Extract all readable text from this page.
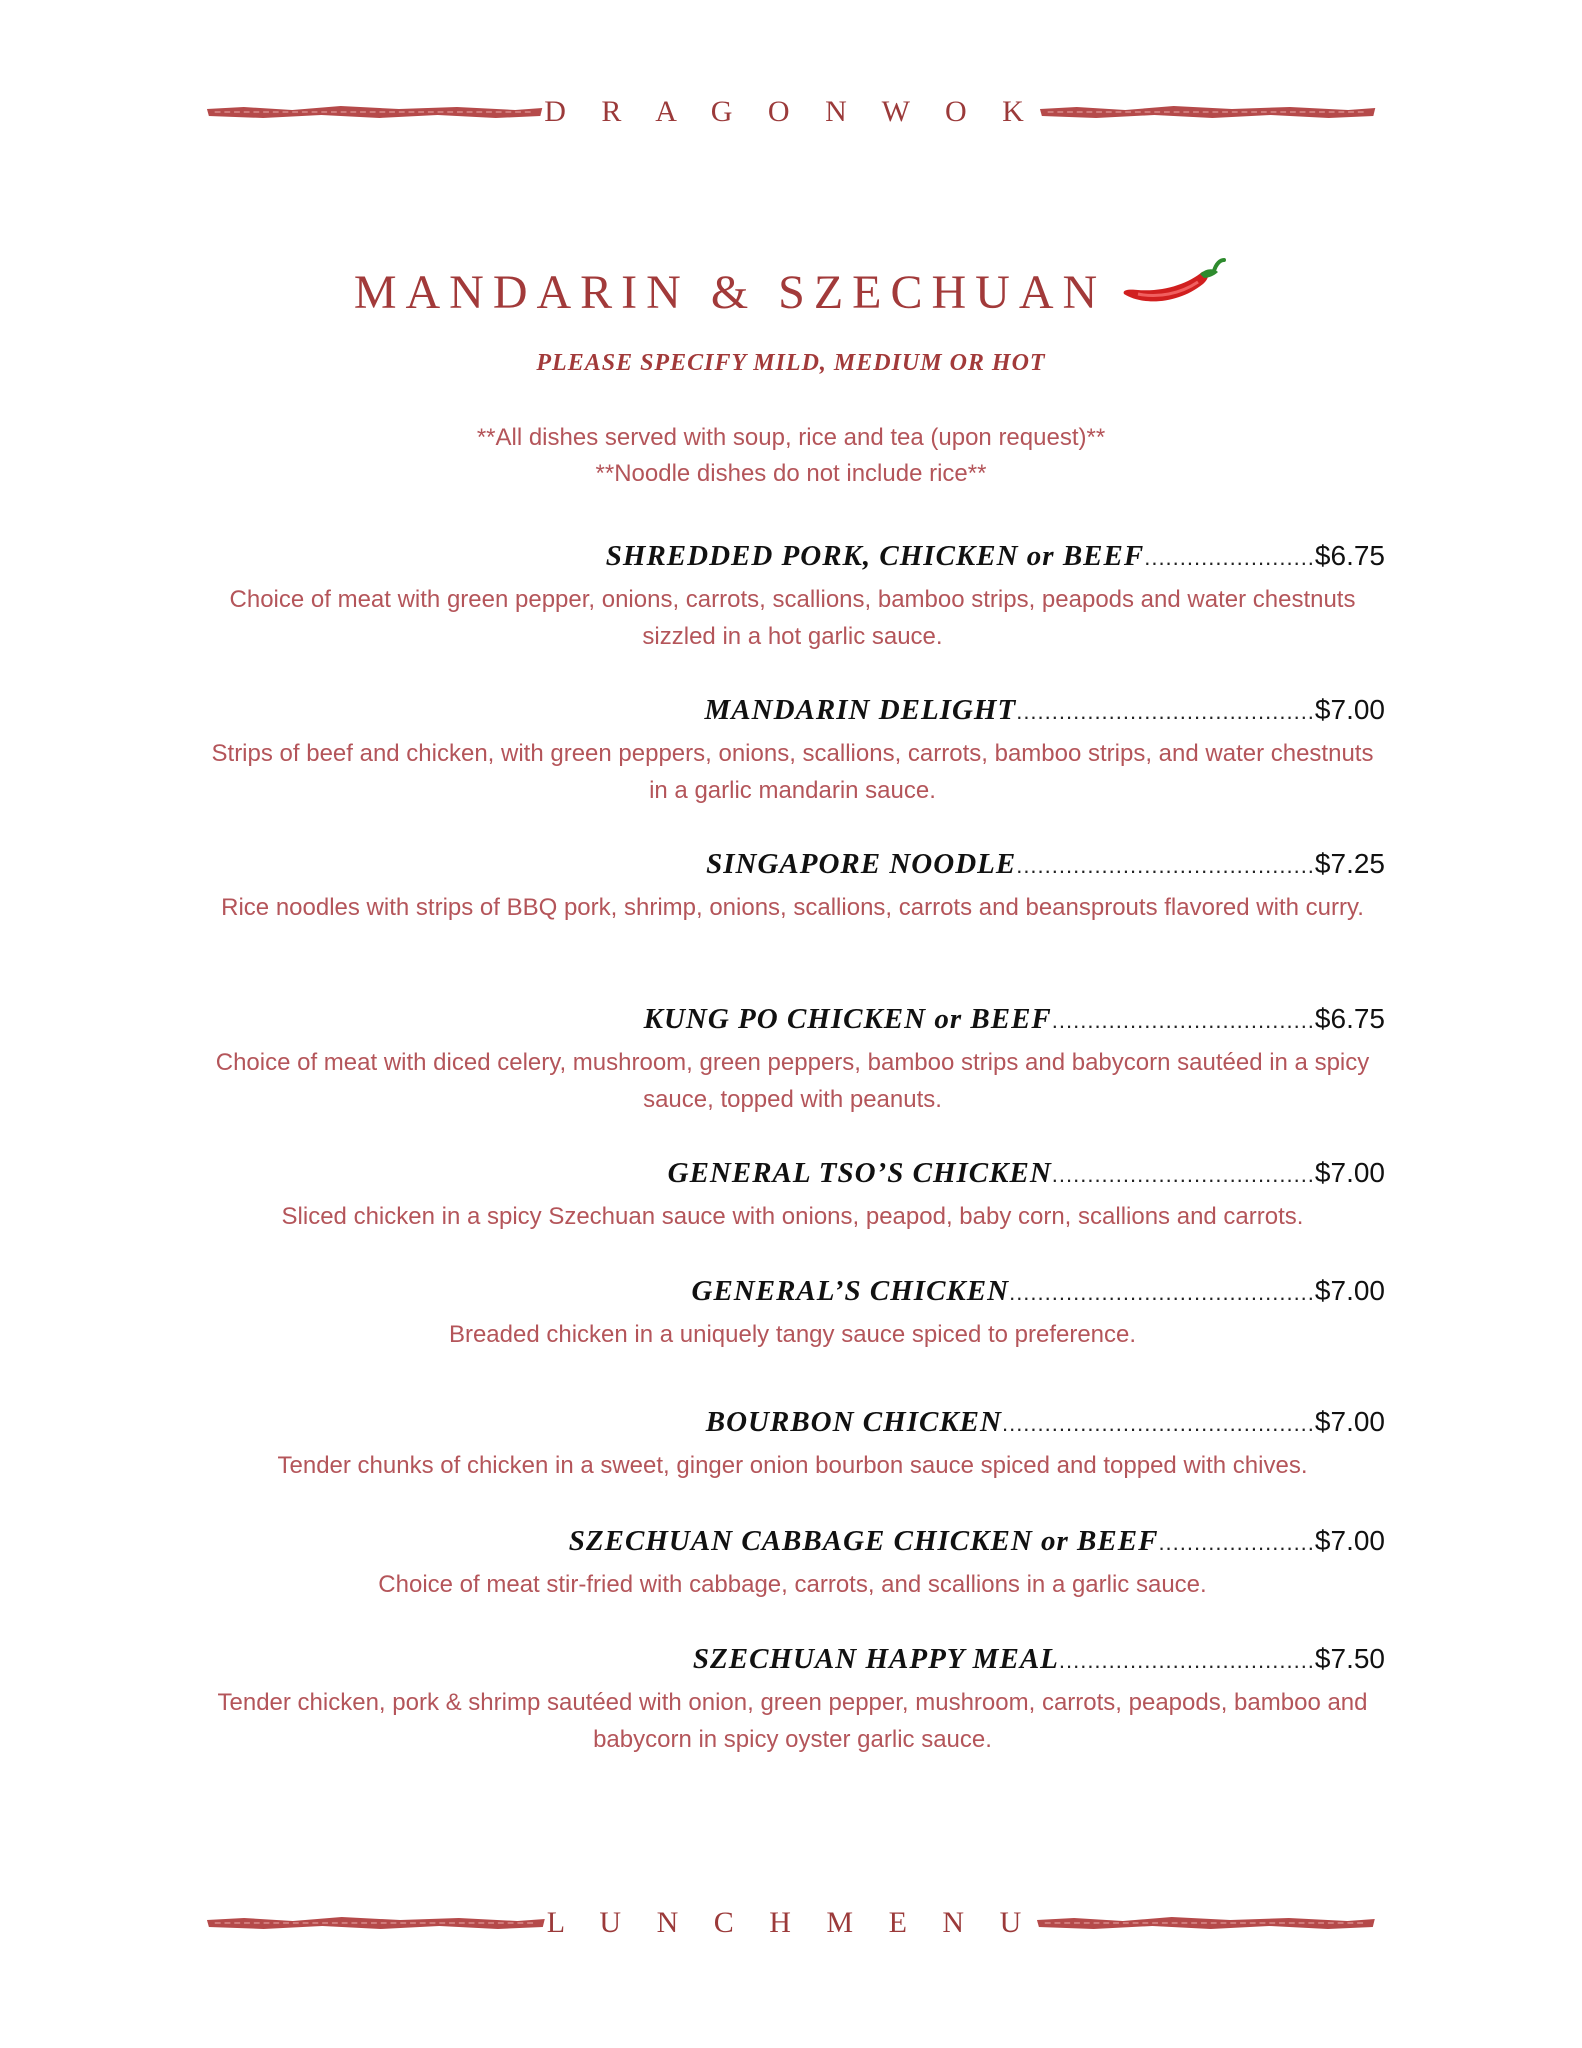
D R A G O N W O K
MANDARIN & SZECHUAN
PLEASE SPECIFY MILD, MEDIUM OR HOT
**All dishes served with soup, rice and tea (upon request)**
**Noodle dishes do not include rice**
SHREDDED PORK, CHICKEN or BEEF ........................ $6.75
Choice of meat with green pepper, onions, carrots, scallions, bamboo strips, peapods and water chestnuts sizzled in a hot garlic sauce.
MANDARIN DELIGHT .......................................... $7.00
Strips of beef and chicken, with green peppers, onions, scallions, carrots, bamboo strips, and water chestnuts in a garlic mandarin sauce.
SINGAPORE NOODLE .......................................... $7.25
Rice noodles with strips of BBQ pork, shrimp, onions, scallions, carrots and beansprouts flavored with curry.
KUNG PO CHICKEN or BEEF ..................................... $6.75
Choice of meat with diced celery, mushroom, green peppers, bamboo strips and babycorn sautéed in a spicy sauce, topped with peanuts.
GENERAL TSO’S CHICKEN ..................................... $7.00
Sliced chicken in a spicy Szechuan sauce with onions, peapod, baby corn, scallions and carrots.
GENERAL’S CHICKEN ........................................... $7.00
Breaded chicken in a uniquely tangy sauce spiced to preference.
BOURBON CHICKEN ............................................ $7.00
Tender chunks of chicken in a sweet, ginger onion bourbon sauce spiced and topped with chives.
SZECHUAN CABBAGE CHICKEN or BEEF ...................... $7.00
Choice of meat stir-fried with cabbage, carrots, and scallions in a garlic sauce.
SZECHUAN HAPPY MEAL .................................... $7.50
Tender chicken, pork & shrimp sautéed with onion, green pepper, mushroom, carrots, peapods, bamboo and babycorn in spicy oyster garlic sauce.
L U N C H M E N U
